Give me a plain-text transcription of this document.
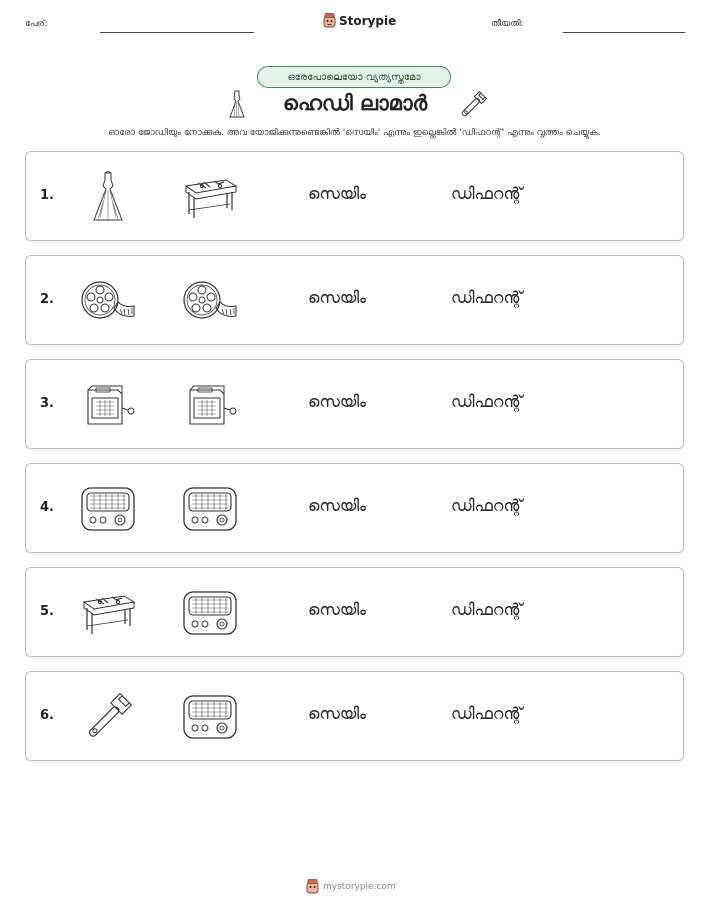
പേര്:	Storypie	തീയതി:
ഒരേപോലെയോ വ്യത്യസ്തമോ
ഹെഡി ലാമാർ
ഓരോ ജോഡിയും നോക്കുക. അവ യോജിക്കുന്നുണ്ടെങ്കിൽ 'സെയിം' എന്നും ഇല്ലെങ്കിൽ 'ഡിഫറന്റ്' എന്നും വൃത്തം ചെയ്യുക.
1.	സെയിം	ഡിഫറന്റ്
2.	സെയിം	ഡിഫറന്റ്
3.	സെയിം	ഡിഫറന്റ്
4.	സെയിം	ഡിഫറന്റ്
5.	സെയിം	ഡിഫറന്റ്
6.	സെയിം	ഡിഫറന്റ്
mystorypie.com
